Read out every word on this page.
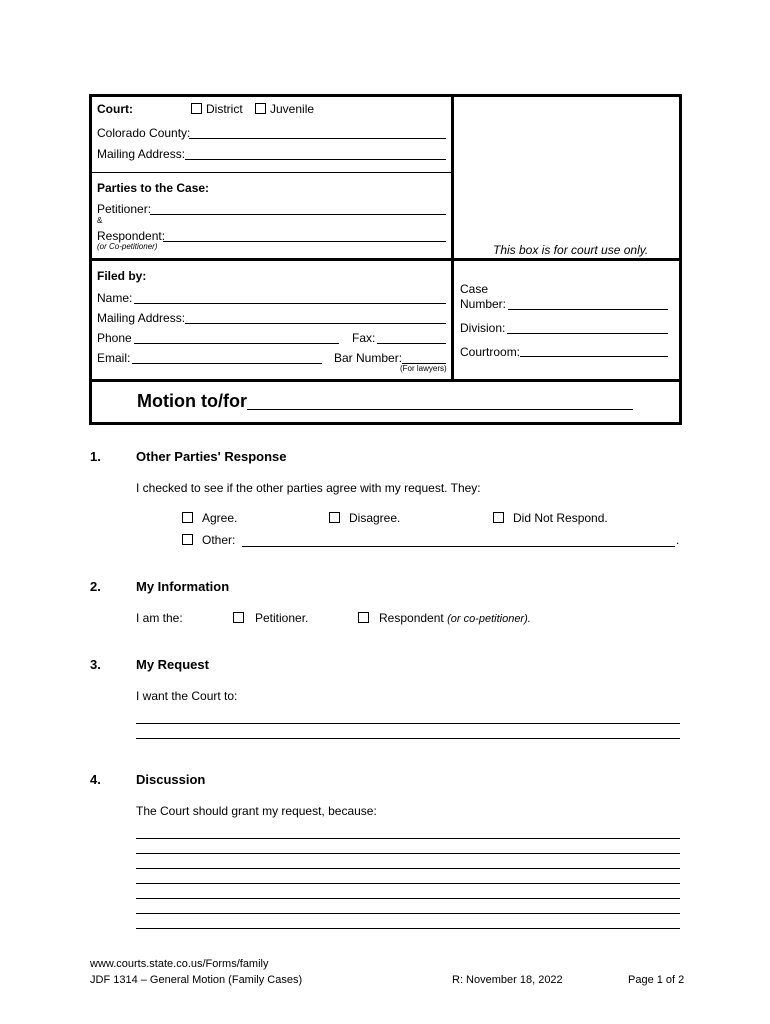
Court:	District Juvenile
Colorado County:
Mailing Address:
Parties to the Case:
Petitioner:
&
Respondent:
(or Co-petitioner)	This box is for court use only.
Filed by:
Name:
Mailing Address:
Phone	Fax:
Email:	Bar Number:
(For lawyers)
Case
Number:
Division:
Courtroom:
Motion to/for
1.	Other Parties' Response
I checked to see if the other parties agree with my request. They:
Agree.	Disagree.	Did Not Respond.
Other:	.
2.	My Information
I am the:	Petitioner.	Respondent (or co-petitioner).
3.	My Request
I want the Court to:
4.	Discussion
The Court should grant my request, because:
www.courts.state.co.us/Forms/family
JDF 1314 – General Motion (Family Cases)	R: November 18, 2022	Page 1 of 2
